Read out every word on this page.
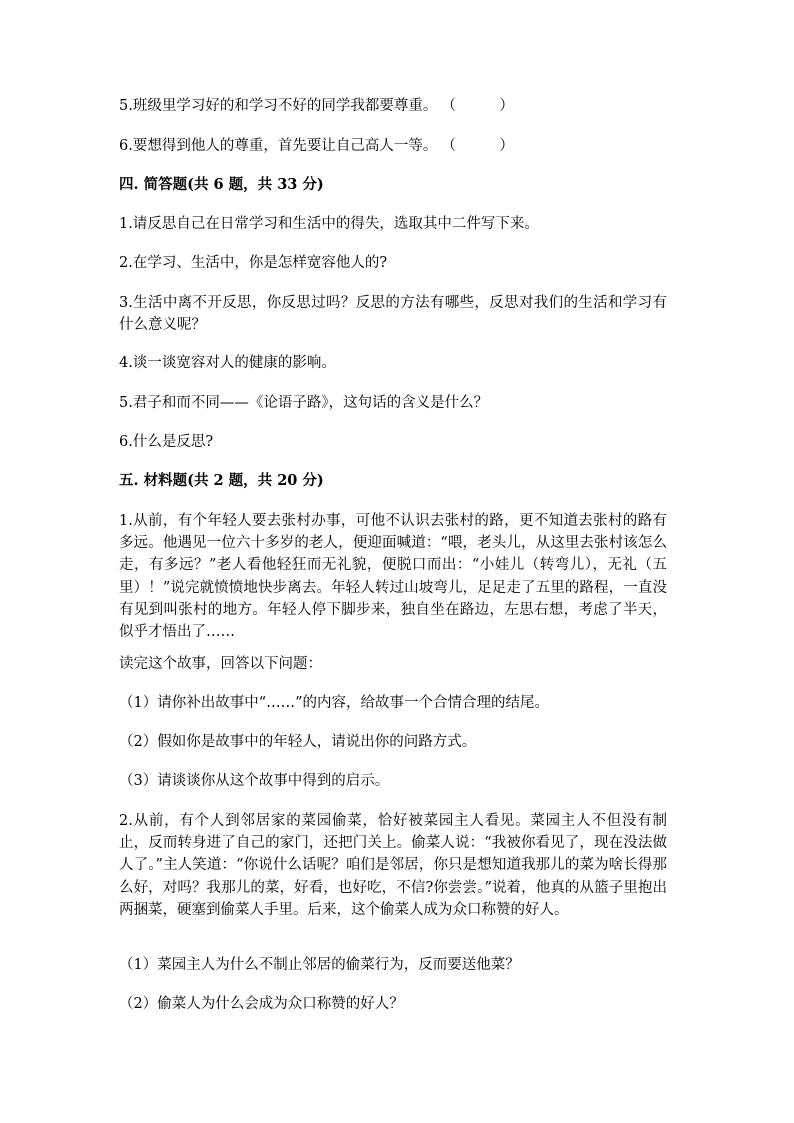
5.班级里学习好的和学习不好的同学我都要尊重。 （　　　）
6.要想得到他人的尊重，首先要让自己高人一等。 （　　　）
四. 简答题(共 6 题，共 33 分)
1.请反思自己在日常学习和生活中的得失，选取其中二件写下来。
2.在学习、生活中，你是怎样宽容他人的?
3.生活中离不开反思，你反思过吗？反思的方法有哪些，反思对我们的生活和学习有什么意义呢？
4.谈一谈宽容对人的健康的影响。
5.君子和而不同——《论语子路》，这句话的含义是什么？
6.什么是反思?
五. 材料题(共 2 题，共 20 分)
1.从前，有个年轻人要去张村办事，可他不认识去张村的路，更不知道去张村的路有多远。他遇见一位六十多岁的老人，便迎面喊道：“喂，老头儿，从这里去张村该怎么走，有多远？”老人看他轻狂而无礼貌，便脱口而出：“小娃儿（转弯儿），无礼（五里）！”说完就愤愤地快步离去。年轻人转过山坡弯儿，足足走了五里的路程，一直没有见到叫张村的地方。年轻人停下脚步来，独自坐在路边，左思右想，考虑了半天，似乎才悟出了……
读完这个故事，回答以下问题：
（1）请你补出故事中“……”的内容，给故事一个合情合理的结尾。
（2）假如你是故事中的年轻人，请说出你的问路方式。
（3）请谈谈你从这个故事中得到的启示。
2.从前，有个人到邻居家的菜园偷菜，恰好被菜园主人看见。菜园主人不但没有制止，反而转身进了自己的家门，还把门关上。偷菜人说：“我被你看见了，现在没法做人了。”主人笑道：“你说什么话呢？咱们是邻居，你只是想知道我那儿的菜为啥长得那么好，对吗？我那儿的菜，好看，也好吃，不信?你尝尝。”说着，他真的从篮子里抱出两捆菜，硬塞到偷菜人手里。后来，这个偷菜人成为众口称赞的好人。
（1）菜园主人为什么不制止邻居的偷菜行为，反而要送他菜？
（2）偷菜人为什么会成为众口称赞的好人？
